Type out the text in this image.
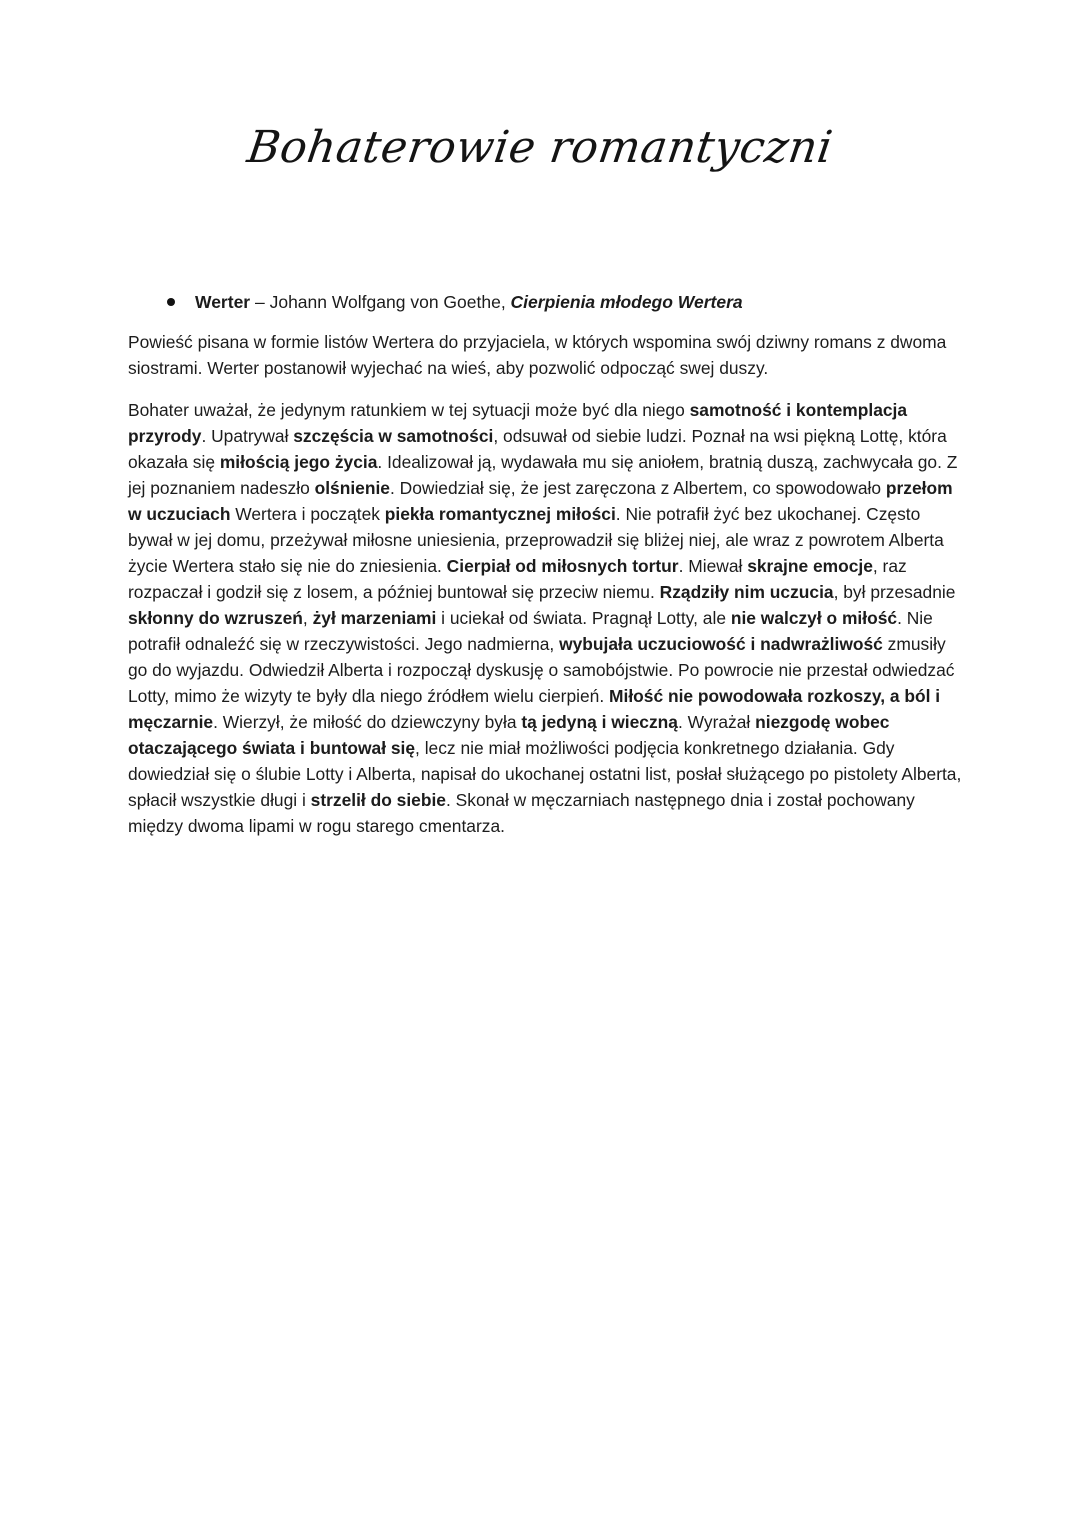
Bohaterowie romantyczni
Werter – Johann Wolfgang von Goethe, Cierpienia młodego Wertera

Powieść pisana w formie listów Wertera do przyjaciela, w których wspomina swój dziwny romans z dwoma siostrami. Werter postanowił wyjechać na wieś, aby pozwolić odpocząć swej duszy.

Bohater uważał, że jedynym ratunkiem w tej sytuacji może być dla niego samotność i kontemplacja przyrody. Upatrywał szczęścia w samotności, odsuwał od siebie ludzi. Poznał na wsi piękną Lottę, która okazała się miłością jego życia. Idealizował ją, wydawała mu się aniołem, bratnią duszą, zachwycała go. Z jej poznaniem nadeszło olśnienie. Dowiedział się, że jest zaręczona z Albertem, co spowodowało przełom w uczuciach Wertera i początek piekła romantycznej miłości. Nie potrafił żyć bez ukochanej. Często bywał w jej domu, przeżywał miłosne uniesienia, przeprowadził się bliżej niej, ale wraz z powrotem Alberta życie Wertera stało się nie do zniesienia. Cierpiał od miłosnych tortur. Miewał skrajne emocje, raz rozpaczał i godził się z losem, a później buntował się przeciw niemu. Rządziły nim uczucia, był przesadnie skłonny do wzruszeń, żył marzeniami i uciekał od świata. Pragnął Lotty, ale nie walczył o miłość. Nie potrafił odnaleźć się w rzeczywistości. Jego nadmierna, wybujała uczuciowość i nadwrażliwość zmusiły go do wyjazdu. Odwiedził Alberta i rozpoczął dyskusję o samobójstwie. Po powrocie nie przestał odwiedzać Lotty, mimo że wizyty te były dla niego źródłem wielu cierpień. Miłość nie powodowała rozkoszy, a ból i męczarnie. Wierzył, że miłość do dziewczyny była tą jedyną i wieczną. Wyrażał niezgodę wobec otaczającego świata i buntował się, lecz nie miał możliwości podjęcia konkretnego działania. Gdy dowiedział się o ślubie Lotty i Alberta, napisał do ukochanej ostatni list, posłał służącego po pistolety Alberta, spłacił wszystkie długi i strzelił do siebie. Skonał w męczarniach następnego dnia i został pochowany między dwoma lipami w rogu starego cmentarza.
